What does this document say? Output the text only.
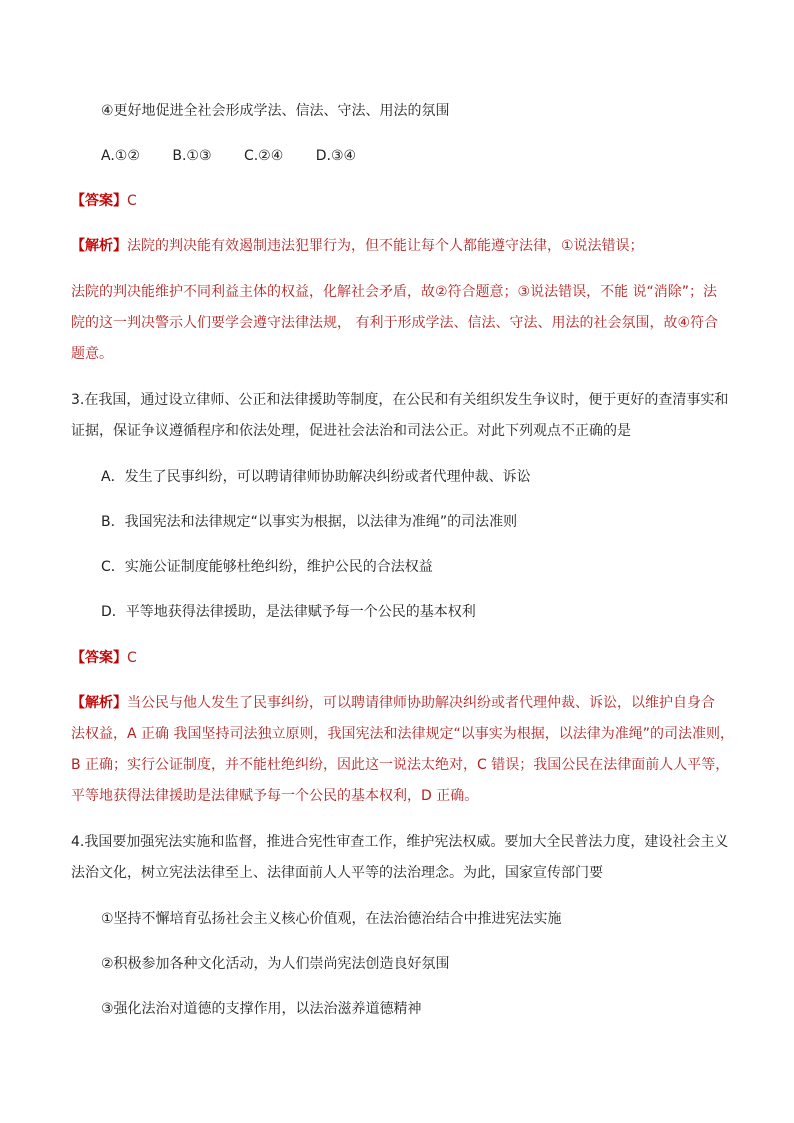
④更好地促进全社会形成学法、信法、守法、用法的氛围
A.①② B.①③ C.②④ D.③④
【答案】C
【解析】法院的判决能有效遏制违法犯罪行为，但不能让每个人都能遵守法律，①说法错误；
法院的判决能维护不同利益主体的权益，化解社会矛盾，故②符合题意；③说法错误，不能 说“消除”；法
院的这一判决警示人们要学会遵守法律法规， 有利于形成学法、信法、守法、用法的社会氛围，故④符合
题意。
3.在我国，通过设立律师、公正和法律援助等制度，在公民和有关组织发生争议时，便于更好的查清事实和
证据，保证争议遵循程序和依法处理，促进社会法治和司法公正。对此下列观点不正确的是
A．发生了民事纠纷，可以聘请律师协助解决纠纷或者代理仲裁、诉讼
B．我国宪法和法律规定“以事实为根据，以法律为准绳”的司法准则
C．实施公证制度能够杜绝纠纷，维护公民的合法权益
D．平等地获得法律援助，是法律赋予每一个公民的基本权利
【答案】C
【解析】当公民与他人发生了民事纠纷，可以聘请律师协助解决纠纷或者代理仲裁、诉讼，以维护自身合
法权益，A 正确 我国坚持司法独立原则，我国宪法和法律规定“以事实为根据，以法律为准绳”的司法准则，
B 正确；实行公证制度，并不能杜绝纠纷，因此这一说法太绝对，C 错误；我国公民在法律面前人人平等，
平等地获得法律援助是法律赋予每一个公民的基本权利，D 正确。
4.我国要加强宪法实施和监督，推进合宪性审查工作，维护宪法权威。要加大全民普法力度，建设社会主义
法治文化，树立宪法法律至上、法律面前人人平等的法治理念。为此，国家宣传部门要
①坚持不懈培育弘扬社会主义核心价值观，在法治德治结合中推进宪法实施
②积极参加各种文化活动，为人们崇尚宪法创造良好氛围
③强化法治对道德的支撑作用，以法治滋养道德精神
